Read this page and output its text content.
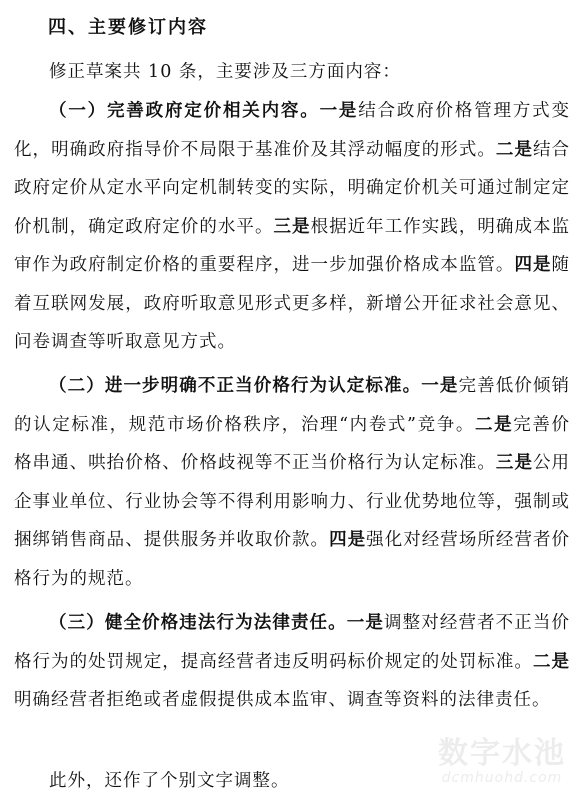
四、主要修订内容

修正草案共 10 条，主要涉及三方面内容：

（一）完善政府定价相关内容。一是结合政府价格管理方式变化，明确政府指导价不局限于基准价及其浮动幅度的形式。二是结合政府定价从定水平向定机制转变的实际，明确定价机关可通过制定定价机制，确定政府定价的水平。三是根据近年工作实践，明确成本监审作为政府制定价格的重要程序，进一步加强价格成本监管。四是随着互联网发展，政府听取意见形式更多样，新增公开征求社会意见、问卷调查等听取意见方式。

（二）进一步明确不正当价格行为认定标准。一是完善低价倾销的认定标准，规范市场价格秩序，治理“内卷式”竞争。二是完善价格串通、哄抬价格、价格歧视等不正当价格行为认定标准。三是公用企事业单位、行业协会等不得利用影响力、行业优势地位等，强制或捆绑销售商品、提供服务并收取价款。四是强化对经营场所经营者价格行为的规范。

（三）健全价格违法行为法律责任。一是调整对经营者不正当价格行为的处罚规定，提高经营者违反明码标价规定的处罚标准。二是明确经营者拒绝或者虚假提供成本监审、调查等资料的法律责任。

此外，还作了个别文字调整。

数字水池
dcmhuohd.com
